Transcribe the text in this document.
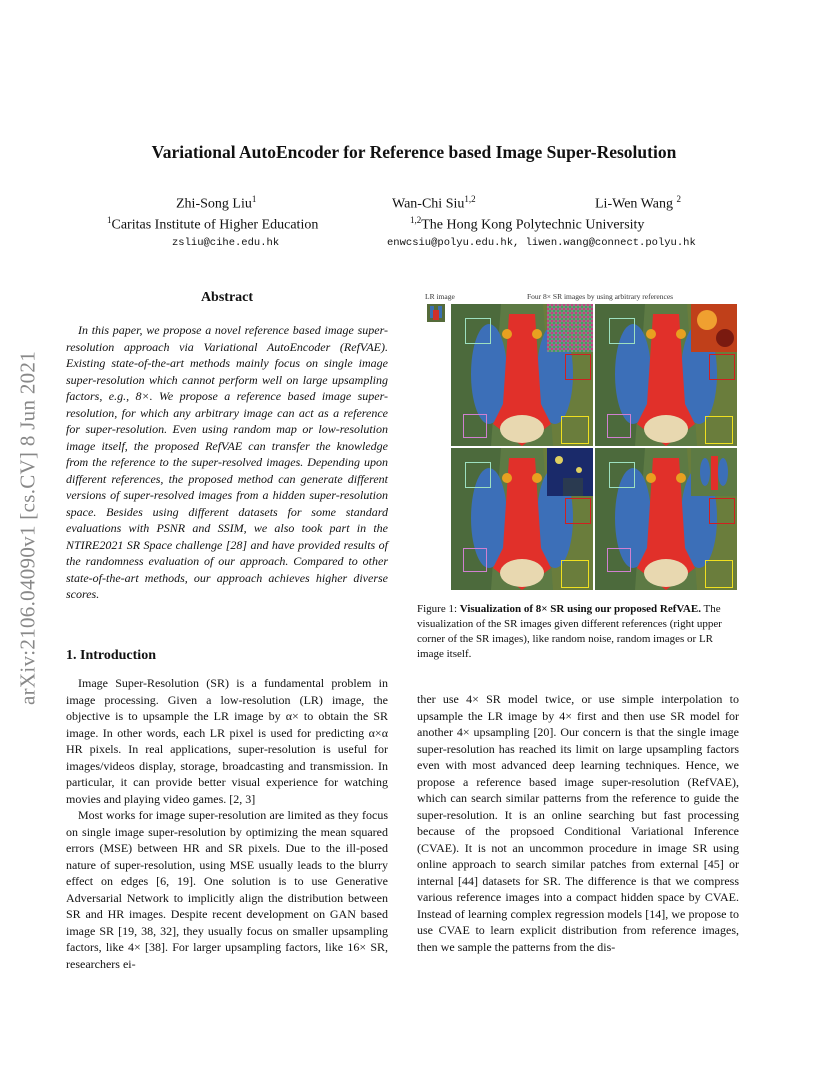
Variational AutoEncoder for Reference based Image Super-Resolution
Zhi-Song Liu$^1$	Wan-Chi Siu$^{1,2}$	Li-Wen Wang $^2$
$^1$Caritas Institute of Higher Education	$^{1,2}$The Hong Kong Polytechnic University
zsliu@cihe.edu.hk	enwcsiu@polyu.edu.hk, liwen.wang@connect.polyu.hk
arXiv:2106.04090v1 [cs.CV] 8 Jun 2021
Abstract

In this paper, we propose a novel reference based image super-resolution approach via Variational AutoEncoder (RefVAE). Existing state-of-the-art methods mainly focus on single image super-resolution which cannot perform well on large upsampling factors, e.g., 8×. We propose a reference based image super-resolution, for which any arbitrary image can act as a reference for super-resolution. Even using random map or low-resolution image itself, the proposed RefVAE can transfer the knowledge from the reference to the super-resolved images. Depending upon different references, the proposed method can generate different versions of super-resolved images from a hidden super-resolution space. Besides using different datasets for some standard evaluations with PSNR and SSIM, we also took part in the NTIRE2021 SR Space challenge [28] and have provided results of the randomness evaluation of our approach. Compared to other state-of-the-art methods, our approach achieves higher diverse scores.

LR image	Four 8× SR images by using arbitrary references
Figure 1: Visualization of 8× SR using our proposed RefVAE. The visualization of the SR images given different references (right upper corner of the SR images), like random noise, random images or LR image itself.
1. Introduction

Image Super-Resolution (SR) is a fundamental problem in image processing. Given a low-resolution (LR) image, the objective is to upsample the LR image by α× to obtain the SR image. In other words, each LR pixel is used for predicting α×α HR pixels. In real applications, super-resolution is useful for images/videos display, storage, broadcasting and transmission. In particular, it can provide better visual experience for watching movies and playing video games. [2, 3]

Most works for image super-resolution are limited as they focus on single image super-resolution by optimizing the mean squared errors (MSE) between HR and SR pixels. Due to the ill-posed nature of super-resolution, using MSE usually leads to the blurry effect on edges [6, 19]. One solution is to use Generative Adversarial Network to implicitly align the distribution between SR and HR images. Despite recent development on GAN based image SR [19, 38, 32], they usually focus on smaller upsampling factors, like 4× [38]. For larger upsampling factors, like 16× SR, researchers ei-

ther use 4× SR model twice, or use simple interpolation to upsample the LR image by 4× first and then use SR model for another 4× upsampling [20]. Our concern is that the single image super-resolution has reached its limit on large upsampling factors even with most advanced deep learning techniques. Hence, we propose a reference based image super-resolution (RefVAE), which can search similar patterns from the reference to guide the super-resolution. It is an online searching but fast processing because of the propsoed Conditional Variational Inference (CVAE). It is not an uncommon procedure in image SR using online approach to search similar patches from external [45] or internal [44] datasets for SR. The difference is that we compress various reference images into a compact hidden space by CVAE. Instead of learning complex regression models [14], we propose to use CVAE to learn explicit distribution from reference images, then we sample the patterns from the dis-
